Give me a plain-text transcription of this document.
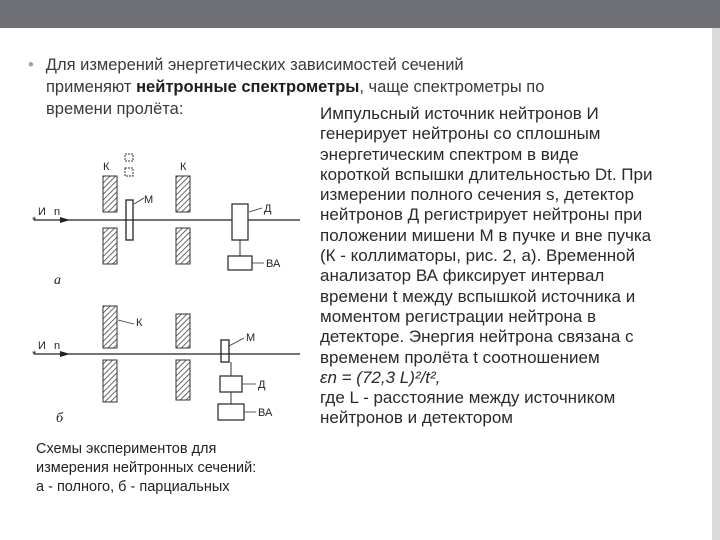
• Для измерений энергетических зависимостей сечений
применяют нейтронные спектрометры, чаще спектрометры по
времени пролёта:	Импульсный источник нейтронов И
генерирует нейтроны со сплошным
энергетическим спектром в виде
короткой вспышки длительностью Dt. При
измерении полного сечения s, детектор
нейтронов Д регистрирует нейтроны при
положении мишени М в пучке и вне пучка
(К - коллиматоры, рис. 2, а). Временной
анализатор ВА фиксирует интервал
времени t между вспышкой источника и
моментом регистрации нейтрона в
детекторе. Энергия нейтрона связана с
временем пролёта t соотношением
εn = (72,3 L)²/t²,
где L - расстояние между источником
нейтронов и детектором
К	К
М
И n
*
Д
ВА
а
К
М
И n
*
Д
ВА
б
Схемы экспериментов для
измерения нейтронных сечений:
а - полного, б - парциальных
